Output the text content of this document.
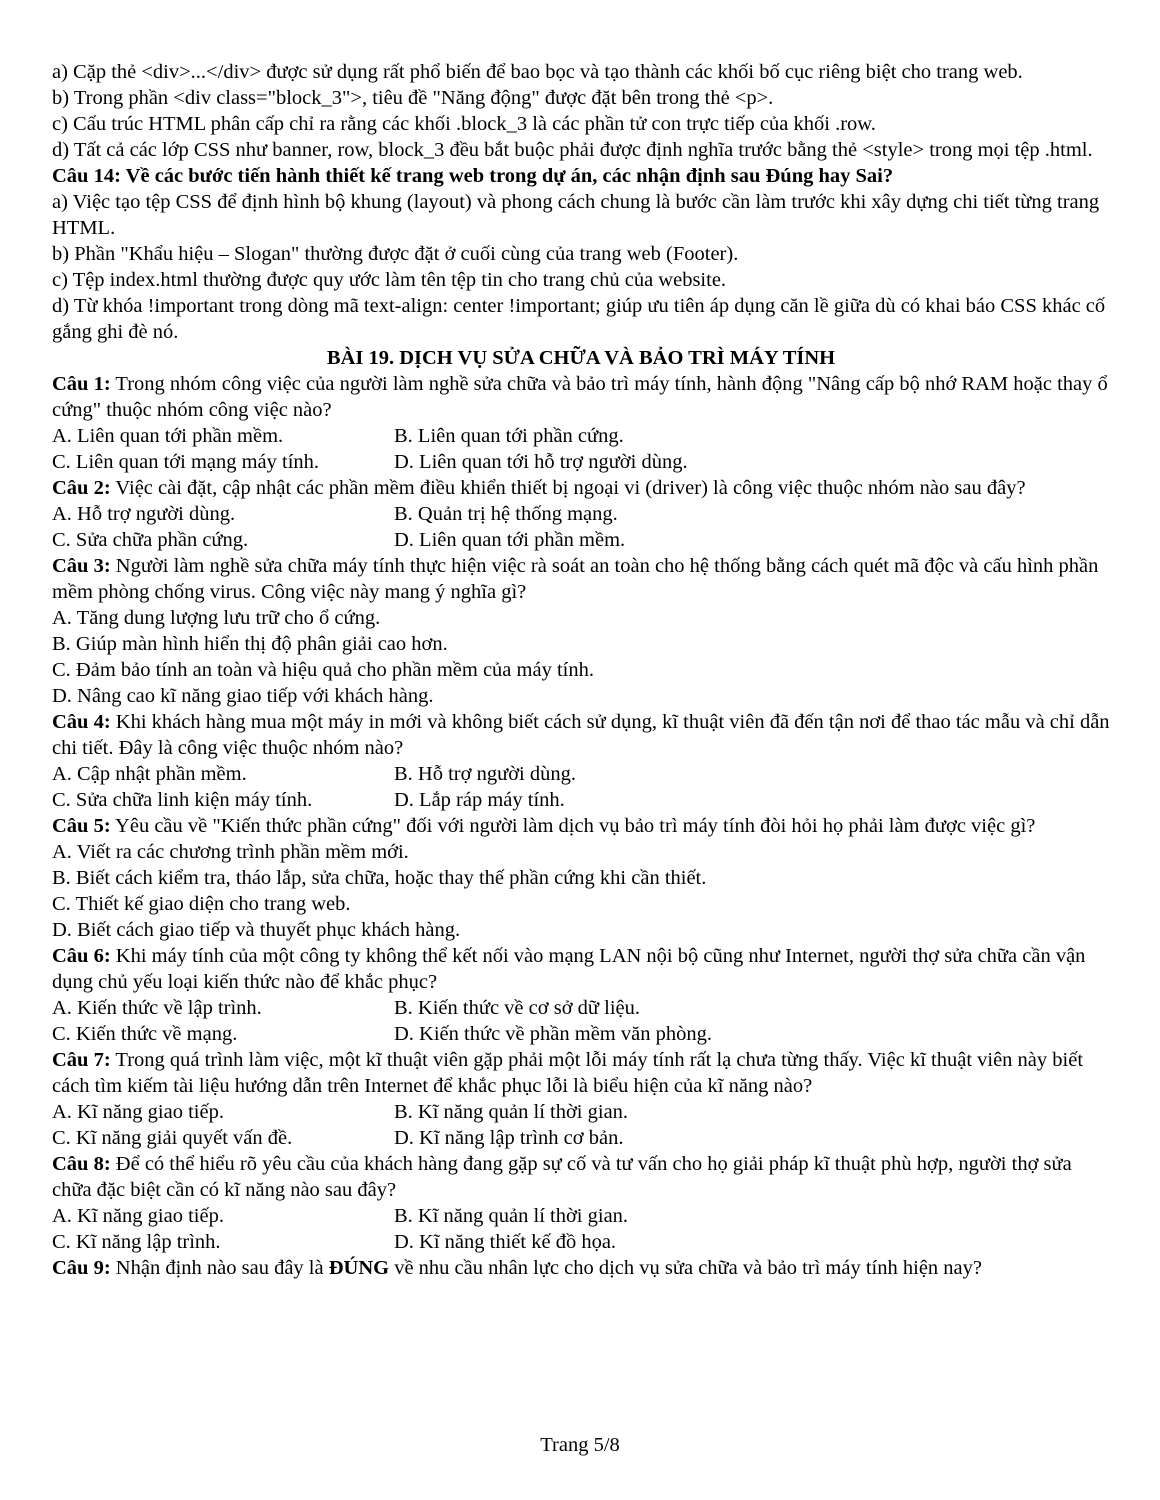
a) Cặp thẻ <div>...</div> được sử dụng rất phổ biến để bao bọc và tạo thành các khối bố cục riêng biệt cho trang web.

b) Trong phần <div class="block_3">, tiêu đề "Năng động" được đặt bên trong thẻ <p>.

c) Cấu trúc HTML phân cấp chỉ ra rằng các khối .block_3 là các phần tử con trực tiếp của khối .row.

d) Tất cả các lớp CSS như banner, row, block_3 đều bắt buộc phải được định nghĩa trước bằng thẻ <style> trong mọi tệp .html.

Câu 14: Về các bước tiến hành thiết kế trang web trong dự án, các nhận định sau Đúng hay Sai?

a) Việc tạo tệp CSS để định hình bộ khung (layout) và phong cách chung là bước cần làm trước khi xây dựng chi tiết từng trang HTML.

b) Phần "Khẩu hiệu – Slogan" thường được đặt ở cuối cùng của trang web (Footer).

c) Tệp index.html thường được quy ước làm tên tệp tin cho trang chủ của website.

d) Từ khóa !important trong dòng mã text-align: center !important; giúp ưu tiên áp dụng căn lề giữa dù có khai báo CSS khác cố gắng ghi đè nó.

BÀI 19. DỊCH VỤ SỬA CHỮA VÀ BẢO TRÌ MÁY TÍNH

Câu 1: Trong nhóm công việc của người làm nghề sửa chữa và bảo trì máy tính, hành động "Nâng cấp bộ nhớ RAM hoặc thay ổ cứng" thuộc nhóm công việc nào?

A. Liên quan tới phần mềm.	B. Liên quan tới phần cứng.
C. Liên quan tới mạng máy tính.	D. Liên quan tới hỗ trợ người dùng.

Câu 2: Việc cài đặt, cập nhật các phần mềm điều khiển thiết bị ngoại vi (driver) là công việc thuộc nhóm nào sau đây?

A. Hỗ trợ người dùng.	B. Quản trị hệ thống mạng.
C. Sửa chữa phần cứng.	D. Liên quan tới phần mềm.

Câu 3: Người làm nghề sửa chữa máy tính thực hiện việc rà soát an toàn cho hệ thống bằng cách quét mã độc và cấu hình phần mềm phòng chống virus. Công việc này mang ý nghĩa gì?

A. Tăng dung lượng lưu trữ cho ổ cứng.

B. Giúp màn hình hiển thị độ phân giải cao hơn.

C. Đảm bảo tính an toàn và hiệu quả cho phần mềm của máy tính.

D. Nâng cao kĩ năng giao tiếp với khách hàng.

Câu 4: Khi khách hàng mua một máy in mới và không biết cách sử dụng, kĩ thuật viên đã đến tận nơi để thao tác mẫu và chỉ dẫn chi tiết. Đây là công việc thuộc nhóm nào?

A. Cập nhật phần mềm.	B. Hỗ trợ người dùng.
C. Sửa chữa linh kiện máy tính.	D. Lắp ráp máy tính.

Câu 5: Yêu cầu về "Kiến thức phần cứng" đối với người làm dịch vụ bảo trì máy tính đòi hỏi họ phải làm được việc gì?

A. Viết ra các chương trình phần mềm mới.

B. Biết cách kiểm tra, tháo lắp, sửa chữa, hoặc thay thế phần cứng khi cần thiết.

C. Thiết kế giao diện cho trang web.

D. Biết cách giao tiếp và thuyết phục khách hàng.

Câu 6: Khi máy tính của một công ty không thể kết nối vào mạng LAN nội bộ cũng như Internet, người thợ sửa chữa cần vận dụng chủ yếu loại kiến thức nào để khắc phục?

A. Kiến thức về lập trình.	B. Kiến thức về cơ sở dữ liệu.
C. Kiến thức về mạng.	D. Kiến thức về phần mềm văn phòng.

Câu 7: Trong quá trình làm việc, một kĩ thuật viên gặp phải một lỗi máy tính rất lạ chưa từng thấy. Việc kĩ thuật viên này biết cách tìm kiếm tài liệu hướng dẫn trên Internet để khắc phục lỗi là biểu hiện của kĩ năng nào?

A. Kĩ năng giao tiếp.	B. Kĩ năng quản lí thời gian.
C. Kĩ năng giải quyết vấn đề.	D. Kĩ năng lập trình cơ bản.

Câu 8: Để có thể hiểu rõ yêu cầu của khách hàng đang gặp sự cố và tư vấn cho họ giải pháp kĩ thuật phù hợp, người thợ sửa chữa đặc biệt cần có kĩ năng nào sau đây?

A. Kĩ năng giao tiếp.	B. Kĩ năng quản lí thời gian.
C. Kĩ năng lập trình.	D. Kĩ năng thiết kế đồ họa.

Câu 9: Nhận định nào sau đây là ĐÚNG về nhu cầu nhân lực cho dịch vụ sửa chữa và bảo trì máy tính hiện nay?

Trang 5/8
